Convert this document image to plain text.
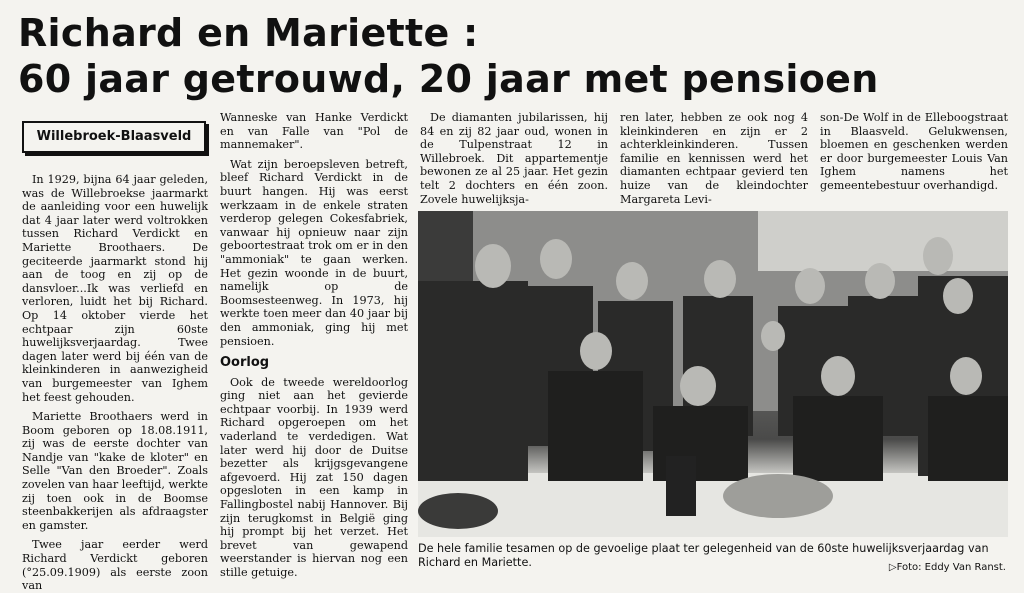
Richard en Mariette :
60 jaar getrouwd, 20 jaar met pensioen
Willebroek-Blaasveld

In 1929, bijna 64 jaar geleden, was de Willebroekse jaarmarkt de aanleiding voor een huwelijk dat 4 jaar later werd voltrokken tussen Richard Verdickt en Mariette Broothaers. De geciteerde jaarmarkt stond hij aan de toog en zij op de dansvloer...Ik was verliefd en verloren, luidt het bij Richard. Op 14 oktober vierde het echtpaar zijn 60ste huwelijksverjaardag. Twee dagen later werd bij één van de kleinkinderen in aanwezigheid van burgemeester van Ighem het feest gehouden.

Mariette Broothaers werd in Boom geboren op 18.08.1911, zij was de eerste dochter van Nandje van "kake de kloter" en Selle "Van den Broeder". Zoals zovelen van haar leeftijd, werkte zij toen ook in de Boomse steenbakkerijen als afdraagster en gamster.

Twee jaar eerder werd Richard Verdickt geboren (°25.09.1909) als eerste zoon van

Wanneske van Hanke Verdickt en van Falle van "Pol de mannemaker".

Wat zijn beroepsleven betreft, bleef Richard Verdickt in de buurt hangen. Hij was eerst werkzaam in de enkele straten verderop gelegen Cokesfabriek, vanwaar hij opnieuw naar zijn geboortestraat trok om er in den "ammoniak" te gaan werken. Het gezin woonde in de buurt, namelijk op de Boomsesteenweg. In 1973, hij werkte toen meer dan 40 jaar bij den ammoniak, ging hij met pensioen.

Oorlog

Ook de tweede wereldoorlog ging niet aan het gevierde echtpaar voorbij. In 1939 werd Richard opgeroepen om het vaderland te verdedigen. Wat later werd hij door de Duitse bezetter als krijgsgevangene afgevoerd. Hij zat 150 dagen opgesloten in een kamp in Fallingbostel nabij Hannover. Bij zijn terugkomst in België ging hij prompt bij het verzet. Het brevet van gewapend weerstander is hiervan nog een stille getuige.

De diamanten jubilarissen, hij 84 en zij 82 jaar oud, wonen in de Tulpenstraat 12 in Willebroek. Dit appartementje bewonen ze al 25 jaar. Het gezin telt 2 dochters en één zoon. Zovele huwelijksja-

ren later, hebben ze ook nog 4 kleinkinderen en zijn er 2 achterkleinkinderen. Tussen familie en kennissen werd het diamanten echtpaar gevierd ten huize van de kleindochter Margareta Levi-

son-De Wolf in de Elleboogstraat in Blaasveld. Gelukwensen, bloemen en geschenken werden er door burgemeester Louis Van Ighem namens het gemeentebestuur overhandigd.

De hele familie tesamen op de gevoelige plaat ter gelegenheid van de 60ste huwelijksverjaardag van Richard en Mariette.	▷Foto: Eddy Van Ranst.
